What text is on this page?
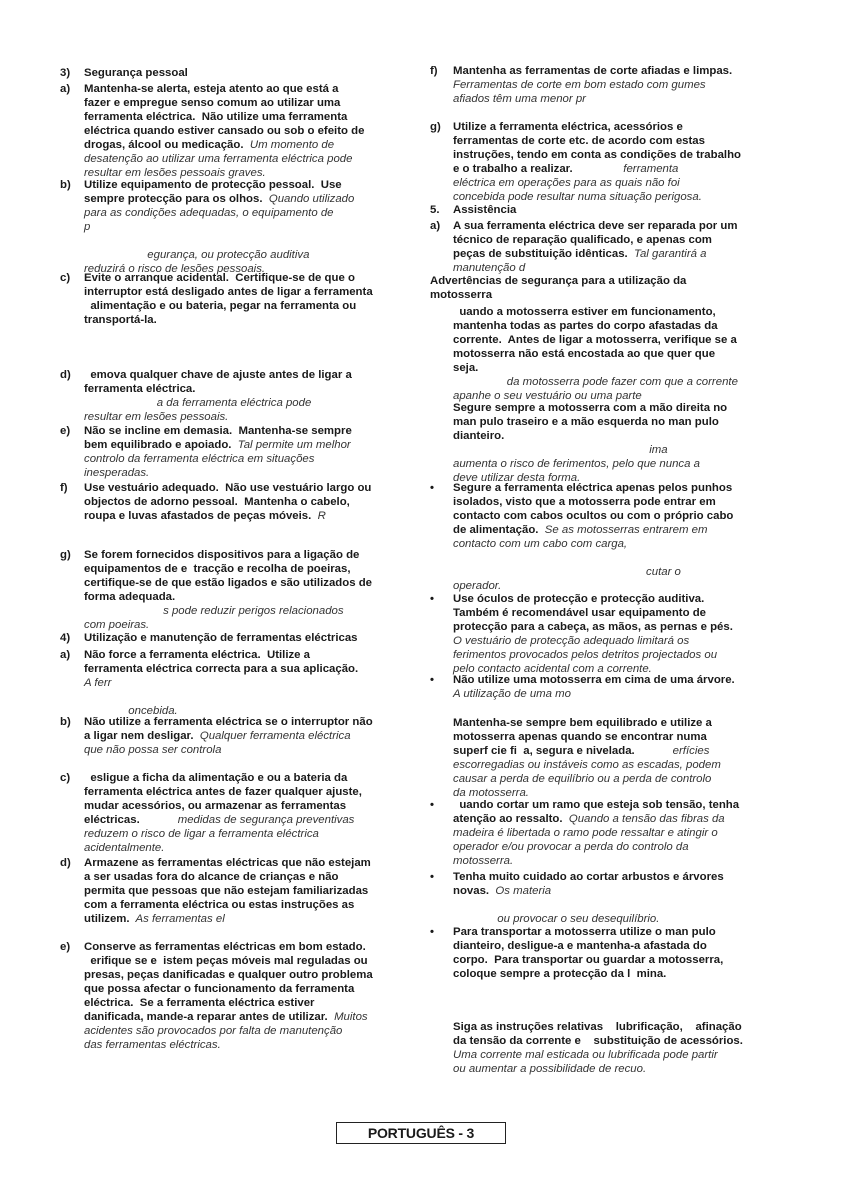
3) Segurança pessoal
a) Mantenha-se alerta, esteja atento ao que está a
fazer e empregue senso comum ao utilizar uma
ferramenta eléctrica.  Não utilize uma ferramenta
eléctrica quando estiver cansado ou sob o efeito de
drogas, álcool ou medicação.  Um momento de
desatenção ao utilizar uma ferramenta eléctrica pode
resultar em lesões pessoais graves.
b) Utilize equipamento de protecção pessoal.  Use
sempre protecção para os olhos.  Quando utilizado
para as condições adequadas, o equipamento de
p
egurança, ou protecção auditiva
reduzirá o risco de lesões pessoais.
c) Evite o arranque acidental.  Certifique-se de que o
interruptor está desligado antes de ligar a ferramenta
alimentação e ou bateria, pegar na ferramenta ou
transportá-la.
d) emova qualquer chave de ajuste antes de ligar a
ferramenta eléctrica.
a da ferramenta eléctrica pode
resultar em lesões pessoais.
e) Não se incline em demasia.  Mantenha-se sempre
bem equilibrado e apoiado.  Tal permite um melhor
controlo da ferramenta eléctrica em situações
inesperadas.
f) Use vestuário adequado.  Não use vestuário largo ou
objectos de adorno pessoal.  Mantenha o cabelo,
roupa e luvas afastados de peças móveis.  R
g) Se forem fornecidos dispositivos para a ligação de
equipamentos de e  tracção e recolha de poeiras,
certifique-se de que estão ligados e são utilizados de
forma adequada.
s pode reduzir perigos relacionados
com poeiras.
4) Utilização e manutenção de ferramentas eléctricas
a) Não force a ferramenta eléctrica.  Utilize a
ferramenta eléctrica correcta para a sua aplicação.
A ferr
oncebida.
b) Não utilize a ferramenta eléctrica se o interruptor não
a ligar nem desligar.  Qualquer ferramenta eléctrica
que não possa ser controla
c) esligue a ficha da alimentação e ou a bateria da
ferramenta eléctrica antes de fazer qualquer ajuste,
mudar acessórios, ou armazenar as ferramentas
eléctricas.            medidas de segurança preventivas
reduzem o risco de ligar a ferramenta eléctrica
acidentalmente.
d) Armazene as ferramentas eléctricas que não estejam
a ser usadas fora do alcance de crianças e não
permita que pessoas que não estejam familiarizadas
com a ferramenta eléctrica ou estas instruções as
utilizem.  As ferramentas el
e) Conserve as ferramentas eléctricas em bom estado.
erifique se e  istem peças móveis mal reguladas ou
presas, peças danificadas e qualquer outro problema
que possa afectar o funcionamento da ferramenta
eléctrica.  Se a ferramenta eléctrica estiver
danificada, mande-a reparar antes de utilizar.  Muitos
acidentes são provocados por falta de manutenção
das ferramentas eléctricas.
f) Mantenha as ferramentas de corte afiadas e limpas.
Ferramentas de corte em bom estado com gumes
afiados têm uma menor pr
g) Utilize a ferramenta eléctrica, acessórios e
ferramentas de corte etc. de acordo com estas
instruções, tendo em conta as condições de trabalho
e o trabalho a realizar.                ferramenta
eléctrica em operações para as quais não foi
concebida pode resultar numa situação perigosa.
5. Assistência
a) A sua ferramenta eléctrica deve ser reparada por um
técnico de reparação qualificado, e apenas com
peças de substituição idênticas.  Tal garantirá a
manutenção d
Advertências de segurança para a utilização da
motosserra
uando a motosserra estiver em funcionamento,
mantenha todas as partes do corpo afastadas da
corrente.  Antes de ligar a motosserra, verifique se a
motosserra não está encostada ao que quer que
seja.
da motosserra pode fazer com que a corrente
apanhe o seu vestuário ou uma parte
Segure sempre a motosserra com a mão direita no
man pulo traseiro e a mão esquerda no man pulo
dianteiro.
ima
aumenta o risco de ferimentos, pelo que nunca a
deve utilizar desta forma.
• Segure a ferramenta eléctrica apenas pelos punhos
isolados, visto que a motosserra pode entrar em
contacto com cabos ocultos ou com o próprio cabo
de alimentação.  Se as motosserras entrarem em
contacto com um cabo com carga,
cutar o
operador.
• Use óculos de protecção e protecção auditiva.
Também é recomendável usar equipamento de
protecção para a cabeça, as mãos, as pernas e pés.
O vestuário de protecção adequado limitará os
ferimentos provocados pelos detritos projectados ou
pelo contacto acidental com a corrente.
• Não utilize uma motosserra em cima de uma árvore.
A utilização de uma mo
Mantenha-se sempre bem equilibrado e utilize a
motosserra apenas quando se encontrar numa
superf cie fi  a, segura e nivelada.            erfícies
escorregadias ou instáveis como as escadas, podem
causar a perda de equilíbrio ou a perda de controlo
da motosserra.
• uando cortar um ramo que esteja sob tensão, tenha
atenção ao ressalto.  Quando a tensão das fibras da
madeira é libertada o ramo pode ressaltar e atingir o
operador e/ou provocar a perda do controlo da
motosserra.
• Tenha muito cuidado ao cortar arbustos e árvores
novas.  Os materia
ou provocar o seu desequilíbrio.
• Para transportar a motosserra utilize o man pulo
dianteiro, desligue-a e mantenha-a afastada do
corpo.  Para transportar ou guardar a motosserra,
coloque sempre a protecção da l  mina.
Siga as instruções relativas    lubrificação,    afinação
da tensão da corrente e    substituição de acessórios.
Uma corrente mal esticada ou lubrificada pode partir
ou aumentar a possibilidade de recuo.
PORTUGUÊS - 3
